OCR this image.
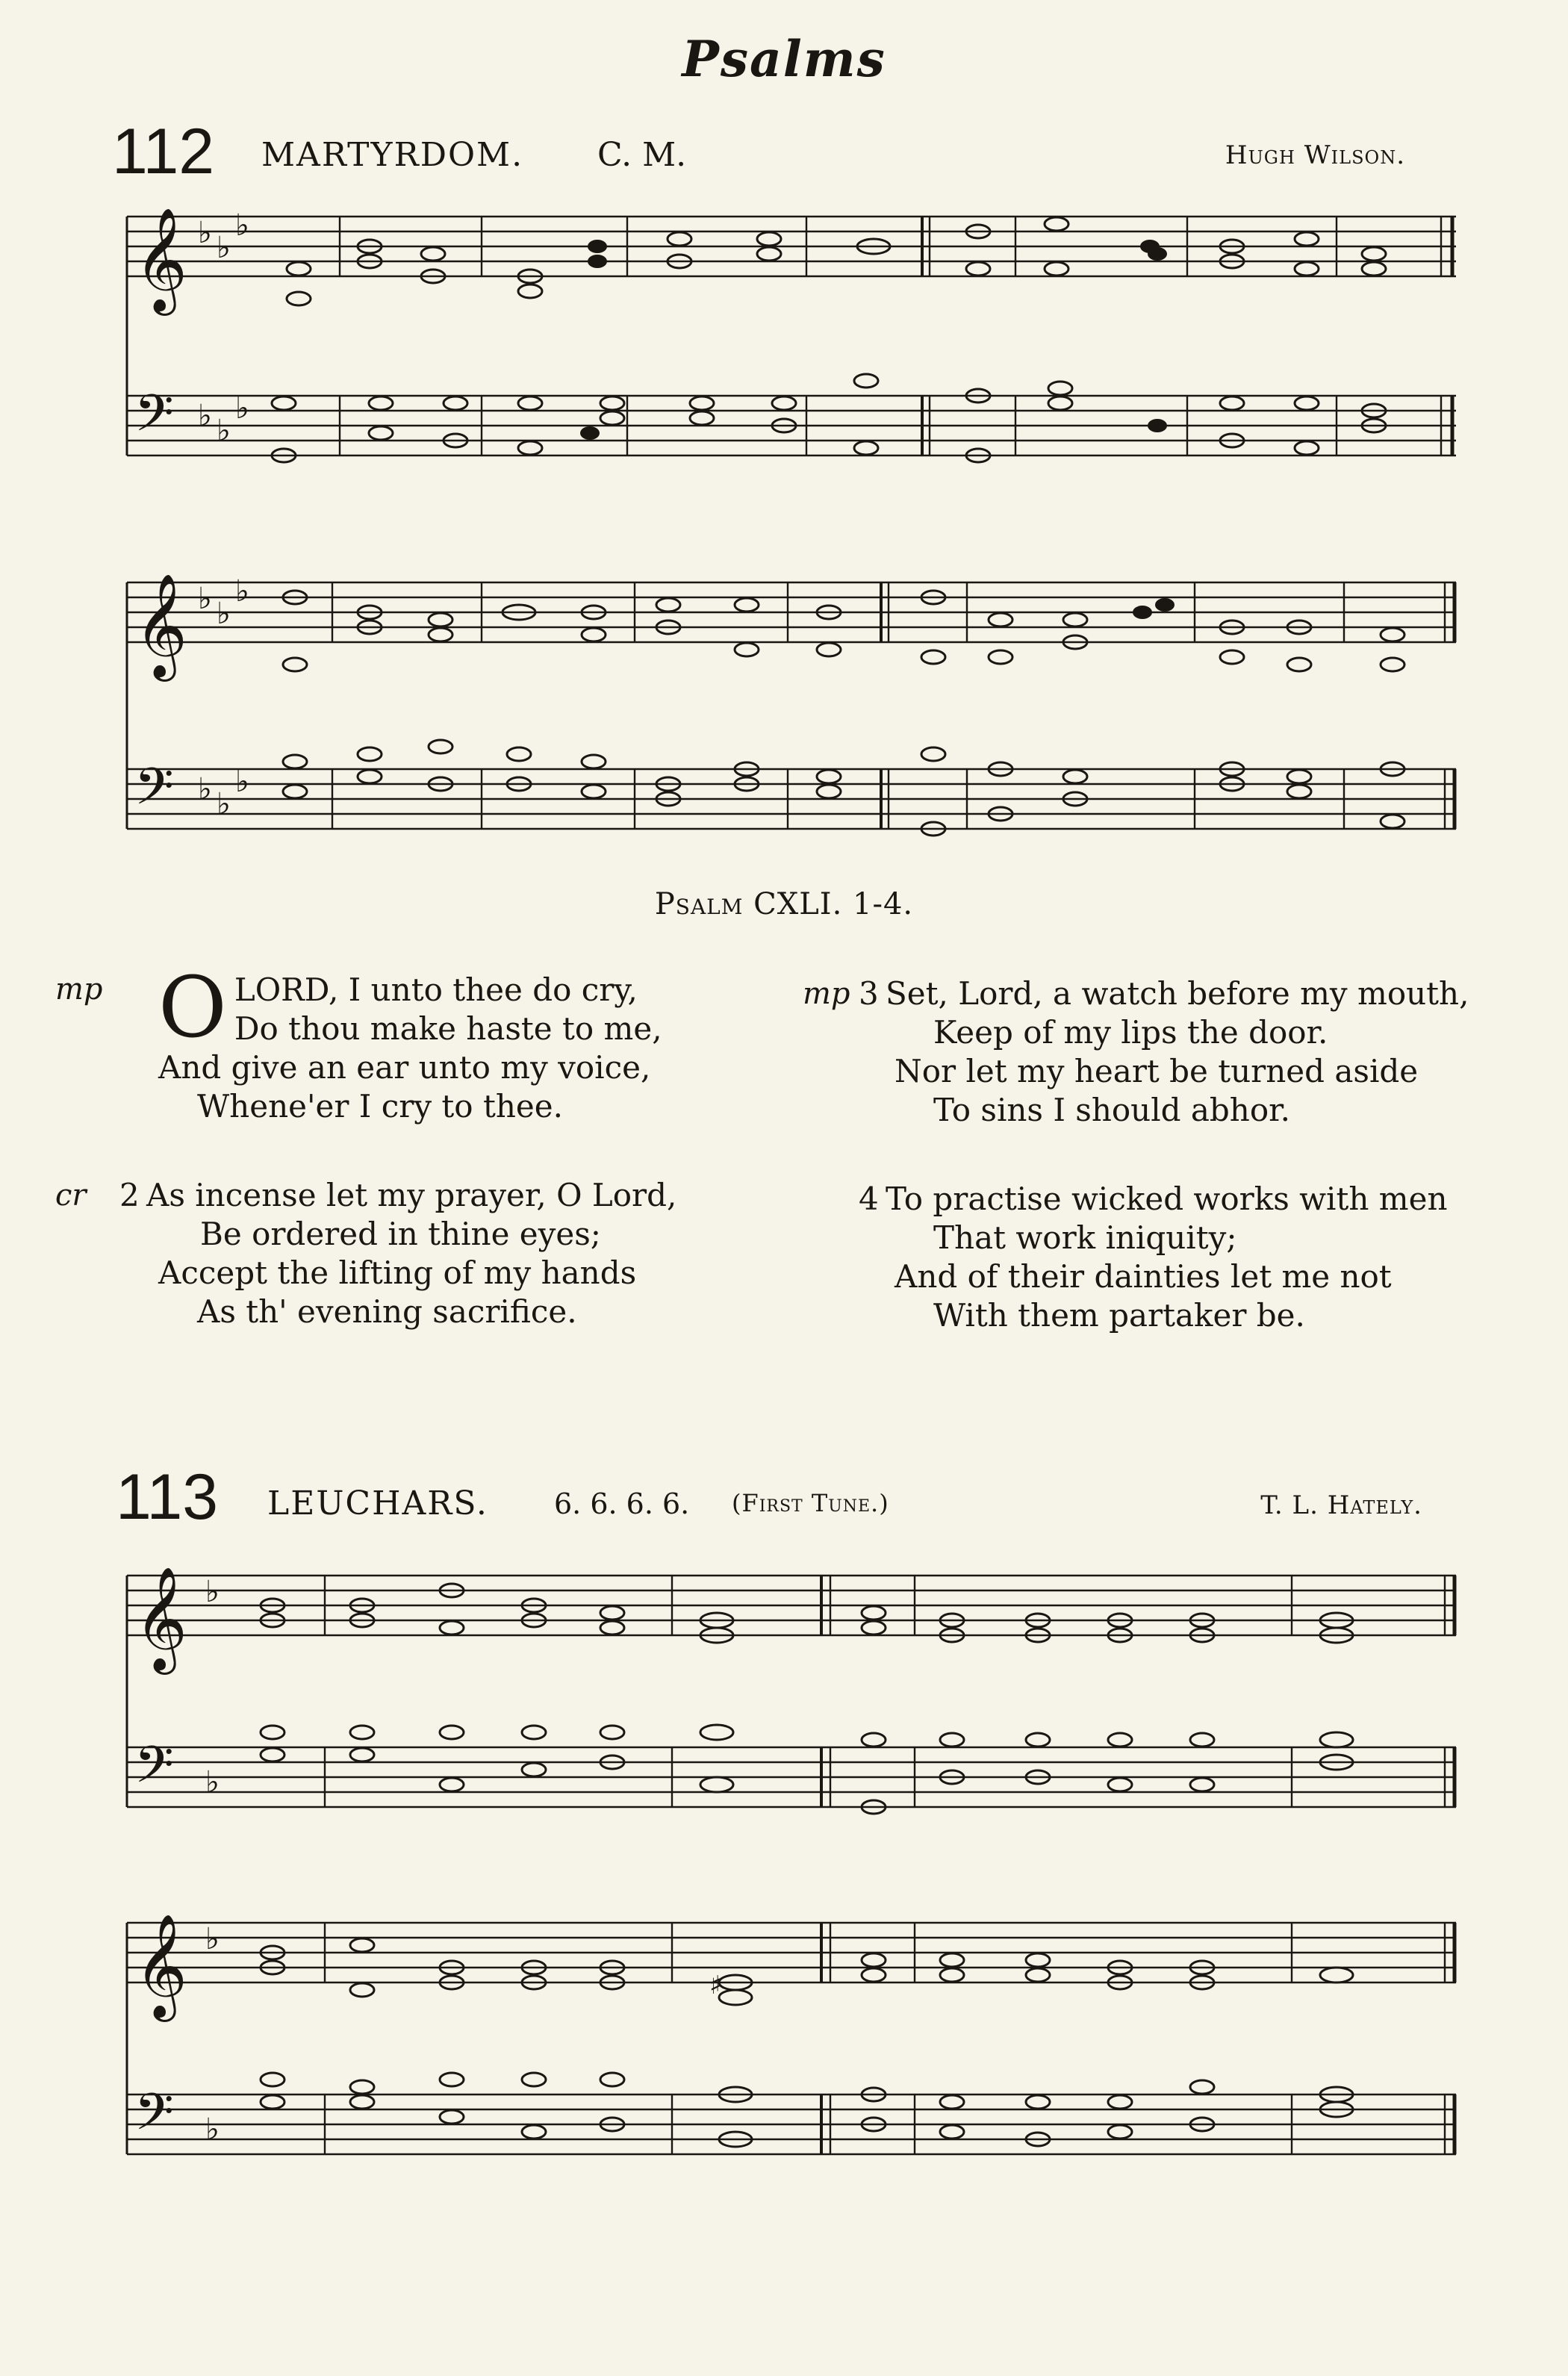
Psalms
112 MARTYRDOM. C. M.	Hugh Wilson.
𝄞
𝄢
♭ ♭
♭
♭ ♭
♭
𝄞
𝄢
♭ ♭
♭
♭ ♭
♭
Psalm CXLI. 1-4.
mp O LORD, I unto thee do cry,
Do thou make haste to me,
And give an ear unto my voice,
Whene'er I cry to thee.
cr 2 As incense let my prayer, O Lord,
Be ordered in thine eyes;
Accept the lifting of my hands
As th' evening sacrifice.
mp 3 Set, Lord, a watch before my mouth,
Keep of my lips the door.
Nor let my heart be turned aside
To sins I should abhor.
4 To practise wicked works with men
That work iniquity;
And of their dainties let me not
With them partaker be.
113 LEUCHARS. 6. 6. 6. 6. (First Tune.)	T. L. Hately.
𝄞
𝄢
♭
♭
𝄞
𝄢
♭
♭
♯
